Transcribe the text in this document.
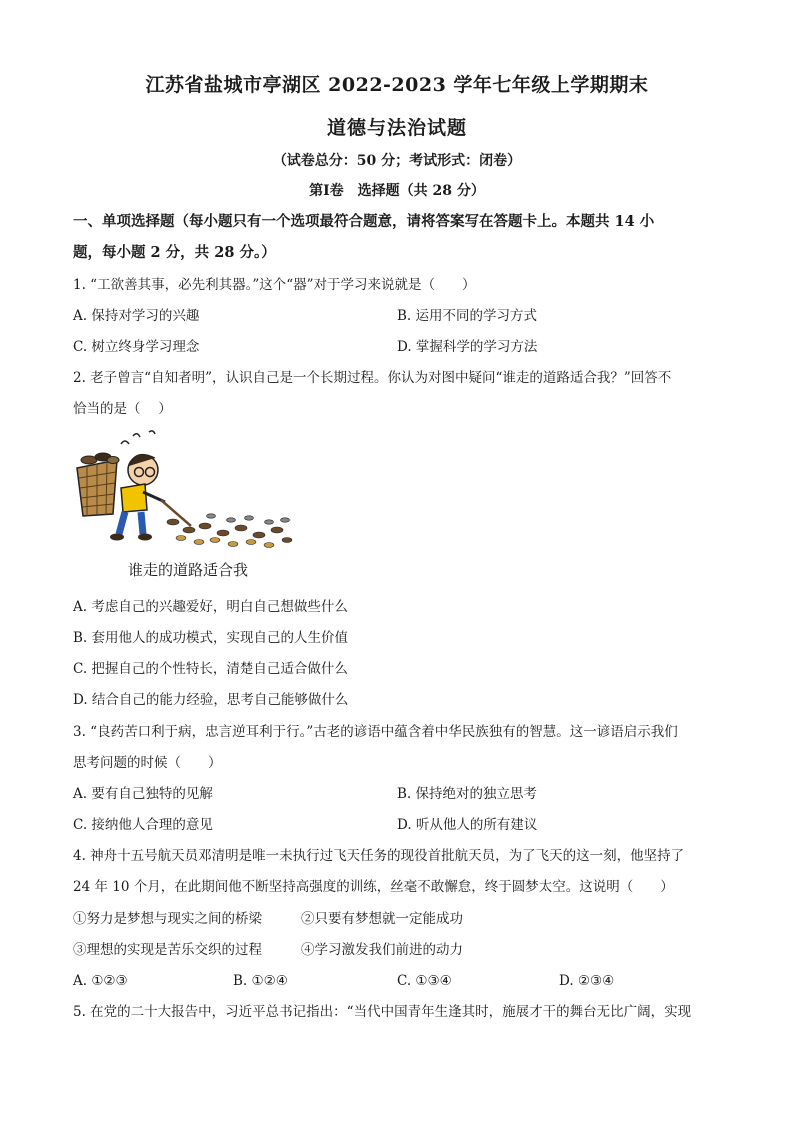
江苏省盐城市亭湖区 2022-2023 学年七年级上学期期末
道德与法治试题
（试卷总分：50 分；考试形式：闭卷）
第Ⅰ卷　选择题（共 28 分）
一、单项选择题（每小题只有一个选项最符合题意，请将答案写在答题卡上。本题共 14 小
题，每小题 2 分，共 28 分。）
1. “工欲善其事，必先利其器。”这个“器”对于学习来说就是（　　）
A. 保持对学习的兴趣	B. 运用不同的学习方式
C. 树立终身学习理念	D. 掌握科学的学习方法
2. 老子曾言“自知者明”，认识自己是一个长期过程。你认为对图中疑问“谁走的道路适合我？”回答不
恰当的是（　 ）
谁走的道路适合我
A. 考虑自己的兴趣爱好，明白自己想做些什么
B. 套用他人的成功模式，实现自己的人生价值
C. 把握自己的个性特长，清楚自己适合做什么
D. 结合自己的能力经验，思考自己能够做什么
3. “良药苦口利于病，忠言逆耳利于行。”古老的谚语中蕴含着中华民族独有的智慧。这一谚语启示我们
思考问题的时候（　　）
A. 要有自己独特的见解	B. 保持绝对的独立思考
C. 接纳他人合理的意见	D. 听从他人的所有建议
4. 神舟十五号航天员邓清明是唯一未执行过飞天任务的现役首批航天员，为了飞天的这一刻，他坚持了
24 年 10 个月，在此期间他不断坚持高强度的训练，丝毫不敢懈怠，终于圆梦太空。这说明（　　）
①努力是梦想与现实之间的桥梁	②只要有梦想就一定能成功
③理想的实现是苦乐交织的过程	④学习激发我们前进的动力
A. ①②③	B. ①②④	C. ①③④	D. ②③④
5. 在党的二十大报告中，习近平总书记指出：“当代中国青年生逢其时，施展才干的舞台无比广阔，实现
